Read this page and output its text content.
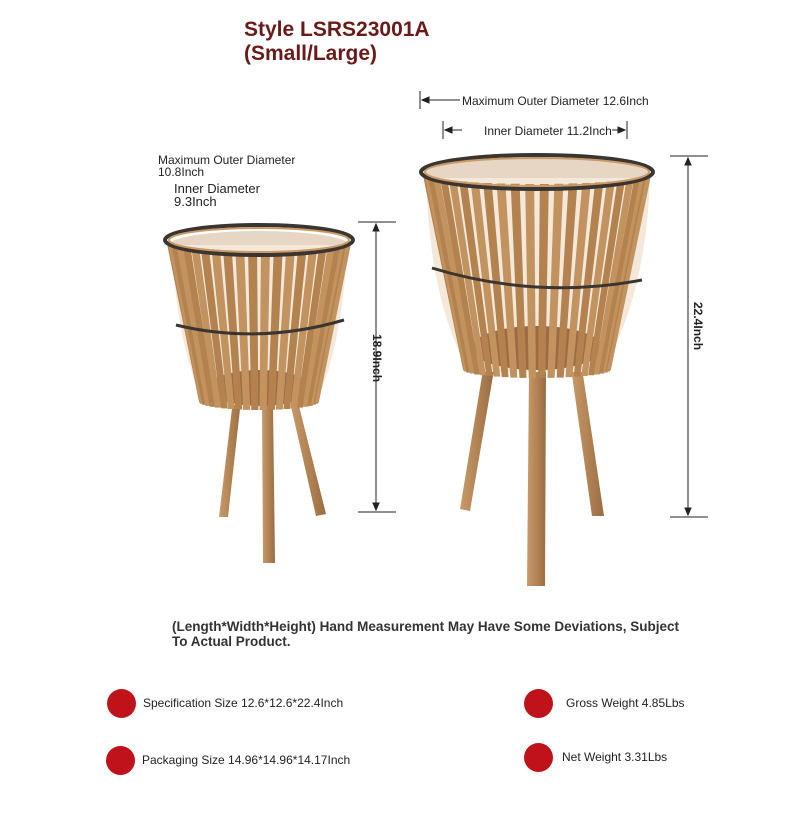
Style LSRS23001A
(Small/Large)
Maximum Outer Diameter
10.8Inch
Inner Diameter
9.3Inch
18.9Inch
Maximum Outer Diameter 12.6Inch
Inner Diameter 11.2Inch
22.4Inch
(Length*Width*Height) Hand Measurement May Have Some Deviations, Subject To Actual Product.
Specification Size 12.6*12.6*22.4Inch
Packaging Size 14.96*14.96*14.17Inch
Gross Weight 4.85Lbs
Net Weight 3.31Lbs
